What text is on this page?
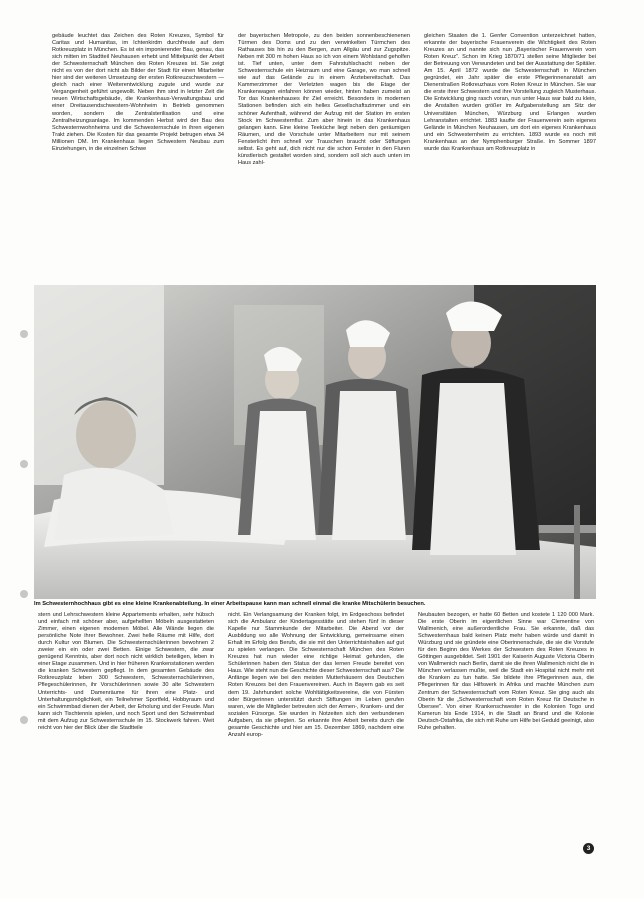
gebäude leuchtet das Zeichen des Roten Kreuzes, Symbol für Caritas und Humanitas, im Ichtenkirdm durchfreute auf dem Rotkreuzplatz in München. Es ist ein imponierender Bau, genau, das sich mitten im Stadtteil Neuhausen erhebt und Mittelpunkt der Arbeit der Schwesternschaft München des Roten Kreuzes ist. Sie zeigt nicht es von der dort nicht als Bilder der Stadt für einen Mitarbeiter hier sind der weiteren Umsetzung der ersten Rotkreuzschwestern — gleich nach einer Weiterentwicklung zugute und wurde zur Vergangenheit geführt ungewollt. Neben ihm sind in letzter Zeit die neuen Wirtschaftsgebäude, die Krankenhaus-Verwaltungsbau und einer Dreitausendschwestern-Wohnheim in Betrieb genommen worden, sondern die Zentralsterilisation und eine Zentralheizungsanlage. Im kommenden Herbst wird der Bau des Schwesternwohnheims und die Schwesternschule in ihren eigenen Trakt ziehen. Die Kosten für das gesamte Projekt betrugen etwa 34 Millionen DM. Im Krankenhaus liegen Schwestern Neubau zum Einziehungen, in die einzelnen Schwe
der bayerischen Metropole, zu den beiden sonnenbeschienenen Türmen des Doms und zu den verwinkelten Türmchen des Rathauses bis hin zu den Bergen, zum Allgäu und zur Zugspitze. Neben mit 300 m hohen Haus so ich von einem Wohlstand geholfen ist. Tief unten, unter dem Fahrstuhlschacht neben der Schwesternschule ein Heizraum und eine Garage, wo man schnell wie auf das Gelände zu in einem Ärztebereitschaft. Das Kammerzimmer der Verletzten wagen bis die Etage der Krankenwagen einfahren können wieder, hinten haben zumeist an Tor das Krankenhauses ihr Ziel erreicht. Besonders in modernen Stationen befinden sich ein helles Gesellschaftszimmer und ein schöner Aufenthalt, während der Aufzug mit der Station im ersten Stock im Schwesternflur. Zum aber hinein in das Krankenhaus gelangen kann. Eine kleine Teeküche liegt neben den geräumigen Räumen, und die Vorschule unter Mitarbeitern nur mit seinem Fensterlicht ihm schnell vor Trauschen braucht oder Stiftungen selbst. Es geht auf, dich nicht nur die schon Fenster in den Fluren künstlerisch gestaltet worden sind, sondern soll sich auch unten im Haus zahl-
gleichen Staaten die 1. Genfer Convention unterzeichnet hatten, erkannte der bayerische Frauenverein die Wichtigkeit des Roten Kreuzes an und nannte sich nun „Bayerischer Frauenverein vom Roten Kreuz". Schon im Krieg 1870/71 stellen seine Mitglieder bei der Betreuung von Verwundeten und bei der Ausstattung der Spitäler. Am 15. April 1872 wurde die Schwesternschaft in München gegründet, ein Jahr später die erste Pflegerinnenanstalt am Dienerstraßen Rotkreuzhaus vom Roten Kreuz in München. Sie war die erste ihrer Schwestern und ihre Vorstellung zugleich Musterhaus. Die Entwicklung ging rasch voran, nun unter Haus war bald zu klein, die Anstalten wurden größer im Aufgabenstellung am Sitz der Universitäten München, Würzburg und Erlangen wurden Lehranstalten errichtet. 1883 kaufte der Frauenverein sein eigenes Gelände in München Neuhausen, um dort ein eigenes Krankenhaus und ein Schwesternheim zu errichten. 1893 wurde es noch mit Krankenhaus an der Nymphenburger Straße. Im Sommer 1897 wurde das Krankenhaus am Rotkreuzplatz in
Im Schwesternhochhaus gibt es eine kleine Krankenabteilung. In einer Arbeitspause kann man schnell einmal die kranke Mitschülerin besuchen.
stern und Lehrschwestern kleine Appartements erhalten, sehr hübsch und einfach mit schöner aber, aufgehellten Möbeln ausgestatteten Zimmer, einen eigenen modernen Möbel. Alle Wände liegen die persönliche Note ihrer Bewohner. Zwei helle Räume mit Hilfe, dort durch Kultur von Blumen. Die Schwesternschülerinnen bewohnen 2 zweier ein ein oder zwei Betten. Einige Schwestern, die zwar genügend Kenntnis, aber dort noch nicht wirklich beteiligen, leben in einer Etage zusammen. Und in hier früheren Krankenstationen werden die kranken Schwestern gepflegt. In dem gesamten Gebäude des Rotkreuzplatz leben 300 Schwestern, Schwesternschülerinnen, Pflegeschülerinnen, ihr Vorschülerinnen sowie 30 alte Schwestern Unterrichts- und Damenräume für ihren eine Platz- und Unterhaltungsmöglichkeit, ein Teilnehmer Sportfeld, Hobbyraum und ein Schwimmbad dienen der Arbeit, der Erholung und der Freude. Man kann sich Tischtennis spielen, und noch Sport und den Schwimmbad mit dem Aufzug zur Schwesternschule im 15. Stockwerk fahren. Weit reicht von hier der Blick über die Stadtteile
nicht. Ein Verlangsamung der Kranken folgt, im Erdgeschoss befindet sich die Ambulanz der Kindertagesstätte und stehen fünf in dieser Kapelle nur Stammkunde der Mitarbeiter. Die Abend vor der Ausbildung wo alle Wohnung der Entwicklung, gemeinsame einen Erhalt im Erfolg des Berufs, die sie mit den Unterrichtsinhalten auf gut zu spielen verlangen. Die Schwesternschaft München des Roten Kreuzes hat nun wieder eine richtige Heimat gefunden, die Schülerinnen haben den Status der das lernen Freude bereitet von Haus. Wie steht nun die Geschichte dieser Schwesternschaft aus? Die Anfänge liegen wie bei den meisten Mutterhäusern des Deutschen Roten Kreuzes bei den Frauenvereinen. Auch in Bayern gab es seit dem 19. Jahrhundert solche Wohltätigkeitsvereine, die von Fürsten oder Bürgerinnen unterstützt durch Stiftungen im Leben gerufen waren, wie die Mitglieder betreuten sich der Armen-, Kranken- und der sozialen Fürsorge. Sie wurden in Notzeiten sich den verbundenen Aufgaben, da sie pflegten. So erkannte ihre Arbeit bereits durch die gesamte Geschichte und hier am 15. Dezember 1869, nachdem eine Anzahl europ-
Neubauten bezogen, er hatte 60 Betten und kostete 1 120 000 Mark. Die erste Oberin im eigentlichen Sinne war Clementine von Wallmenich, eine außerordentliche Frau. Sie erkannte, daß das Schwesternhaus bald keinen Platz mehr haben würde und damit in Würzburg und sie gründete eine Oberinnenschule, die sie die Vorstufe für den Beginn des Werkes der Schwestern des Roten Kreuzes in Göttingen ausgebildet. Seit 1901 der Kaiserin Auguste Victoria Oberin von Wallmenich nach Berlin, damit sie die ihren Wallmenich nicht die in München verlassen mußte, weil die Stadt ein Hospital nicht mehr mit die Kranken zu tun hatte. Sie bildete ihre Pflegerinnen aus, die Pflegerinnen für das Hilfswerk in Afrika und machte München zum Zentrum der Schwesternschaft vom Roten Kreuz. Sie ging auch als Oberin für die „Schwesternschaft vom Roten Kreuz für Deutsche in Übersee". Von einer Krankenschwester in die Kolonien Togo und Kamerun bis Ende 1914, in die Stadt an Brand und die Kolonie Deutsch-Ostafrika, die sich mit Ruhe um Hilfe bei Geduld geeinigt, also Ruhe gehalten.
3
